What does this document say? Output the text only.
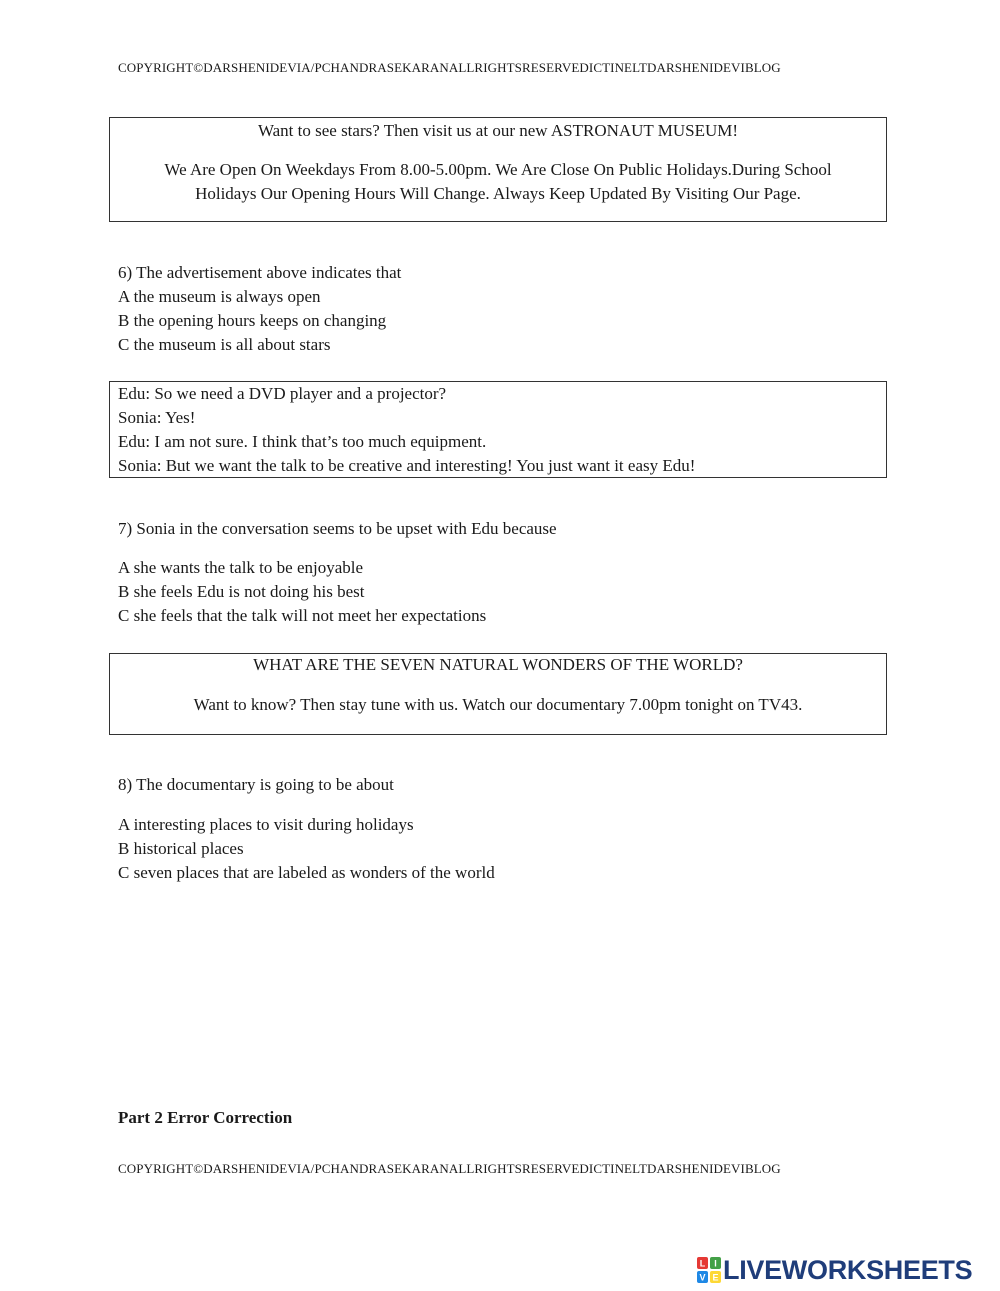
COPYRIGHT©DARSHENIDEVIA/PCHANDRASEKARANALLRIGHTSRESERVEDICTINELTDARSHENIDEVIBLOG
Want to see stars? Then visit us at our new ASTRONAUT MUSEUM!
We Are Open On Weekdays From 8.00-5.00pm. We Are Close On Public Holidays.During School
Holidays Our Opening Hours Will Change. Always Keep Updated By Visiting Our Page.
6) The advertisement above indicates that
A the museum is always open
B the opening hours keeps on changing
C the museum is all about stars
Edu: So we need a DVD player and a projector?
Sonia: Yes!
Edu: I am not sure. I think that’s too much equipment.
Sonia: But we want the talk to be creative and interesting! You just want it easy Edu!
7) Sonia in the conversation seems to be upset with Edu because
A she wants the talk to be enjoyable
B she feels Edu is not doing his best
C she feels that the talk will not meet her expectations
WHAT ARE THE SEVEN NATURAL WONDERS OF THE WORLD?
Want to know? Then stay tune with us. Watch our documentary 7.00pm tonight on TV43.
8) The documentary is going to be about
A interesting places to visit during holidays
B historical places
C seven places that are labeled as wonders of the world
Part 2 Error Correction
COPYRIGHT©DARSHENIDEVIA/PCHANDRASEKARANALLRIGHTSRESERVEDICTINELTDARSHENIDEVIBLOG
L I
V E LIVEWORKSHEETS
